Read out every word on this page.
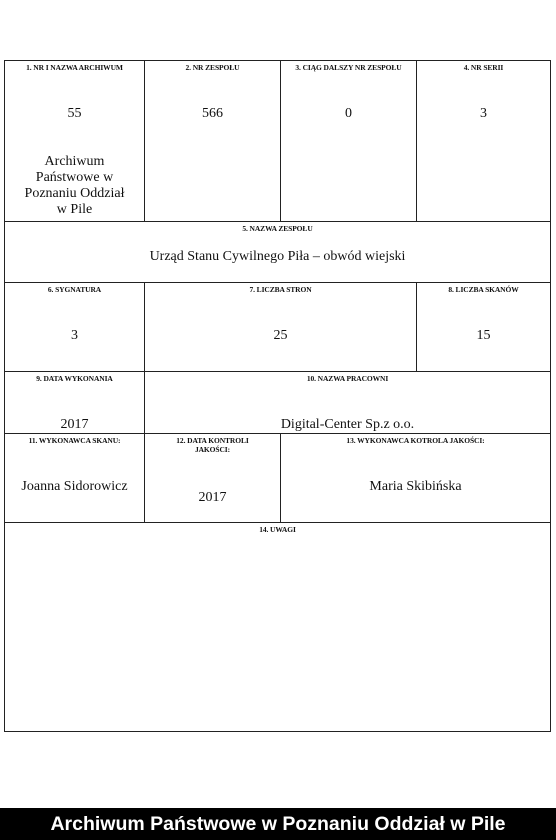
1. NR I NAZWA ARCHIWUM
55
Archiwum Państwowe w Poznaniu Oddział w Pile
2. NR ZESPOŁU
566
3. CIĄG DALSZY NR ZESPOŁU
0
4. NR SERII
3
5. NAZWA ZESPOŁU
Urząd Stanu Cywilnego Piła – obwód wiejski
6. SYGNATURA
3
7. LICZBA STRON
25
8. LICZBA SKANÓW
15
9. DATA WYKONANIA
2017
10. NAZWA PRACOWNI
Digital-Center Sp.z o.o.
11. WYKONAWCA SKANU:
Joanna Sidorowicz
12. DATA KONTROLI JAKOŚCI:
2017
13. WYKONAWCA KOTROLA JAKOŚCI:
Maria Skibińska
14. UWAGI
Archiwum Państwowe w Poznaniu Oddział w Pile
